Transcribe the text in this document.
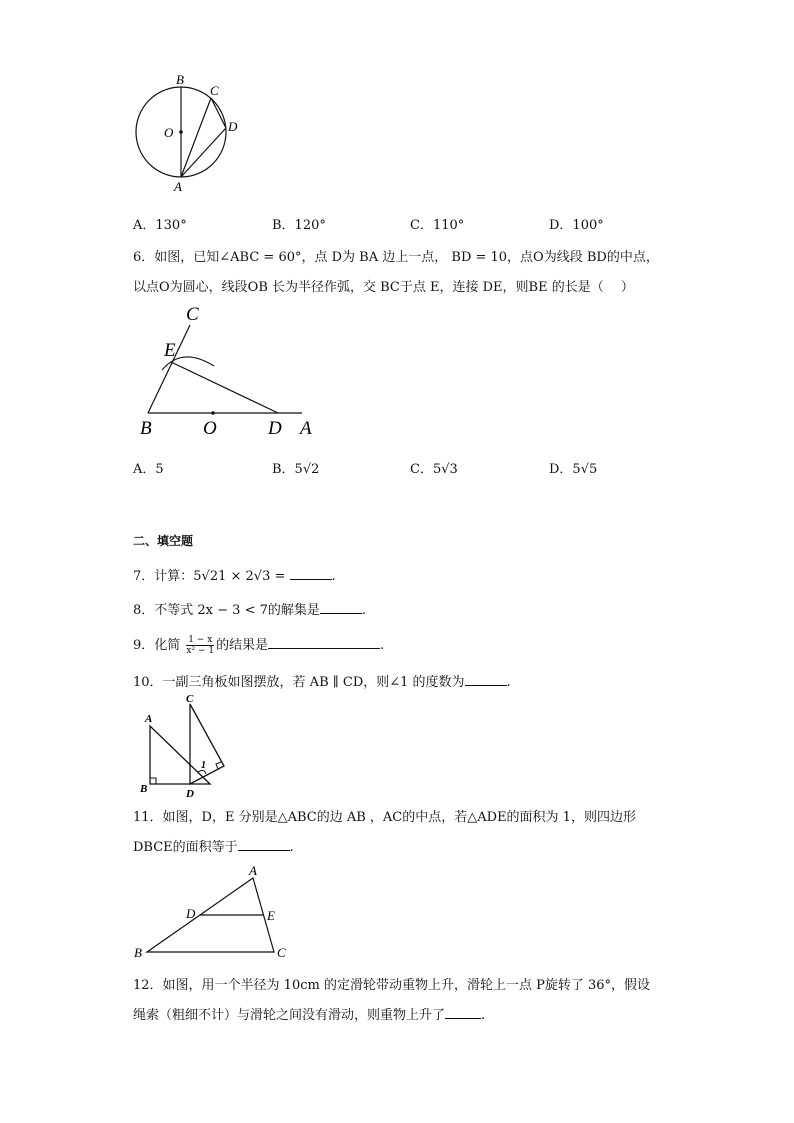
B
C
D
O
A
A．130°	B．120°	C．110°	D．100°
6．如图，已知∠ABC = 60°，点 D为 BA 边上一点， BD = 10，点O为线段 BD的中点，
以点O为圆心，线段OB 长为半径作弧，交 BC于点 E，连接 DE，则BE 的长是（　 ）
C
E
B	O	D A
A．5	B．5√2	C．5√3	D．5√5
二、填空题
7．计算：5√21 × 2√3 =	.
8．不等式 2x − 3 < 7的解集是	.
9．化简 $\frac{1 - x}{\text{x² − 1}}$ 的结果是	.
10．一副三角板如图摆放，若 AB ∥ CD，则∠1 的度数为	.
A
B
C
D
1
11．如图，D，E 分别是△ABC的边 AB ，AC的中点，若△ADE的面积为 1，则四边形
DBCE的面积等于	.
A
D	E
B	C
12．如图，用一个半径为 10cm 的定滑轮带动重物上升，滑轮上一点 P旋转了 36°，假设
绳索（粗细不计）与滑轮之间没有滑动，则重物上升了	.
